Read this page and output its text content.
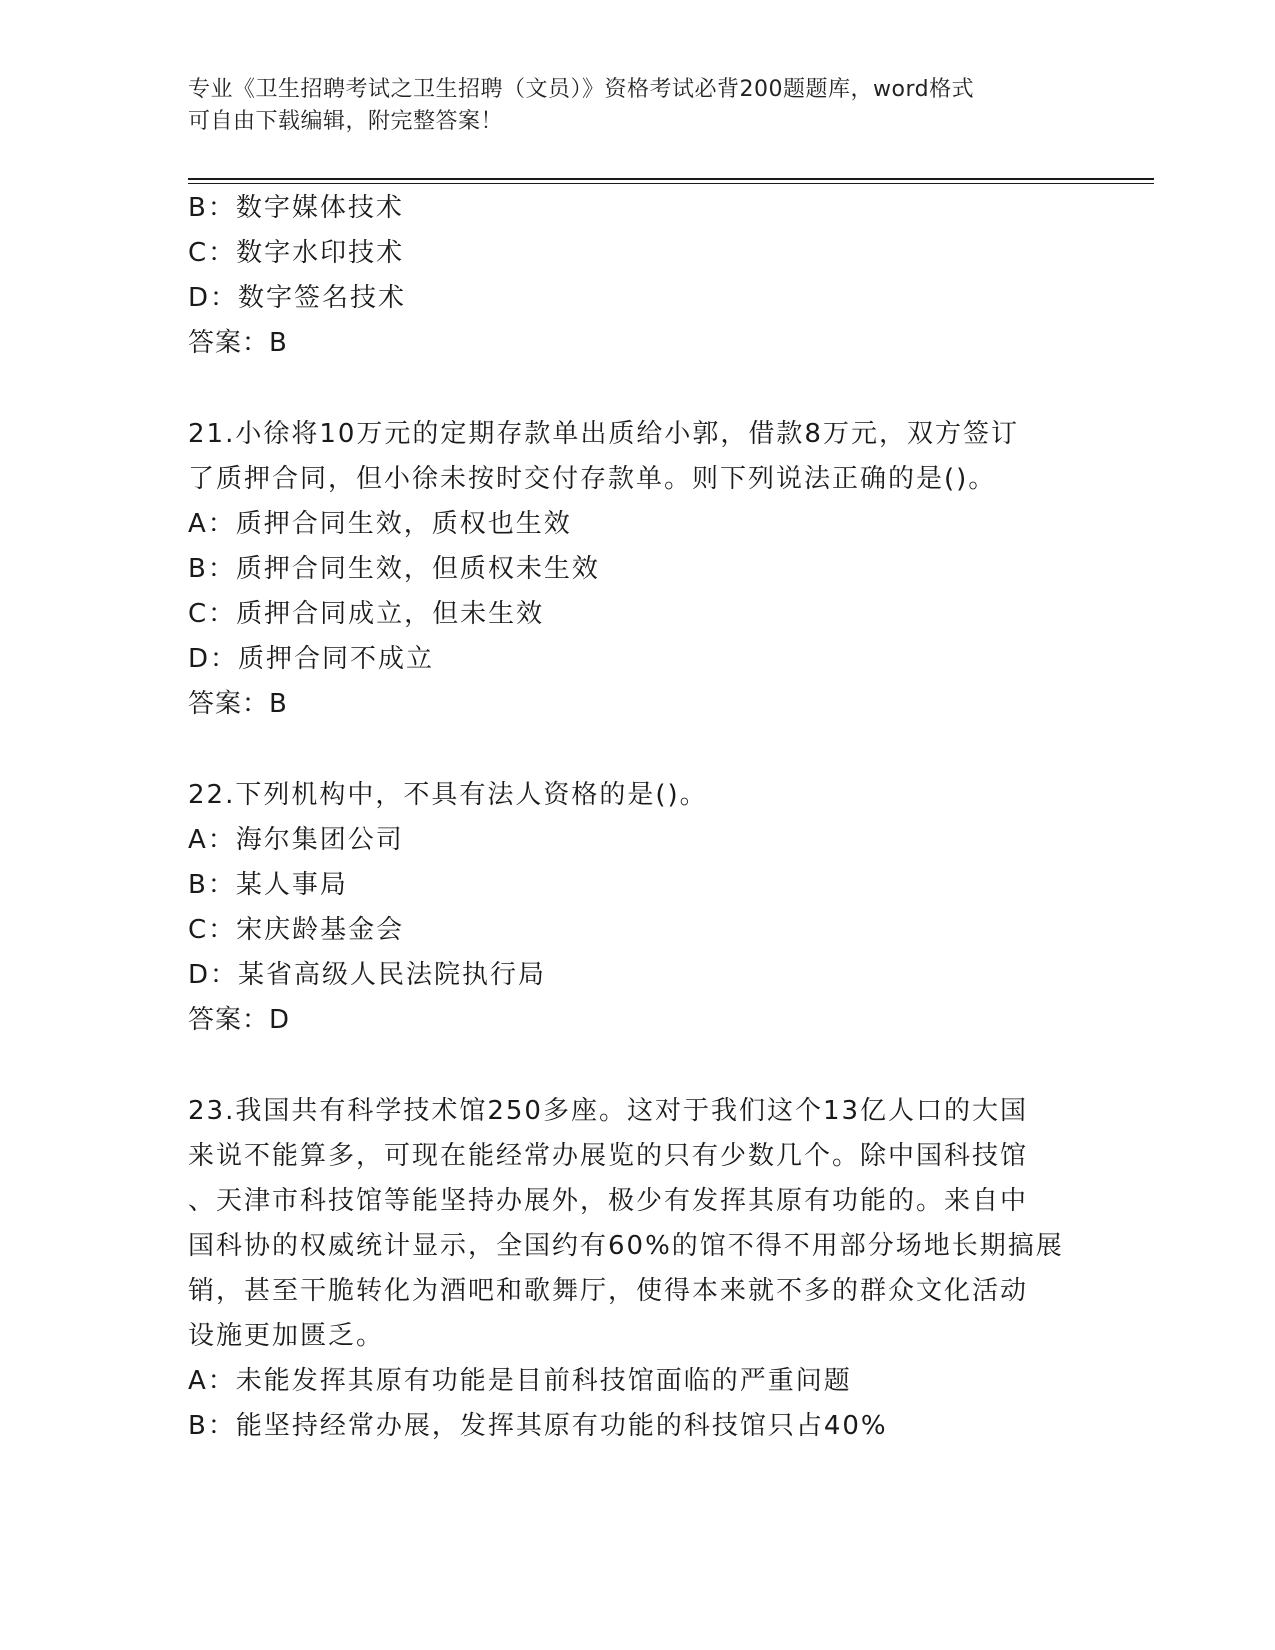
专业《卫生招聘考试之卫生招聘（文员）》资格考试必背200题题库，word格式
可自由下载编辑，附完整答案！
B：数字媒体技术
C：数字水印技术
D：数字签名技术
答案：B
21.小徐将10万元的定期存款单出质给小郭，借款8万元，双方签订
了质押合同，但小徐未按时交付存款单。则下列说法正确的是()。
A：质押合同生效，质权也生效
B：质押合同生效，但质权未生效
C：质押合同成立，但未生效
D：质押合同不成立
答案：B
22.下列机构中，不具有法人资格的是()。
A：海尔集团公司
B：某人事局
C：宋庆龄基金会
D：某省高级人民法院执行局
答案：D
23.我国共有科学技术馆250多座。这对于我们这个13亿人口的大国
来说不能算多，可现在能经常办展览的只有少数几个。除中国科技馆
、天津市科技馆等能坚持办展外，极少有发挥其原有功能的。来自中
国科协的权威统计显示，全国约有60%的馆不得不用部分场地长期搞展
销，甚至干脆转化为酒吧和歌舞厅，使得本来就不多的群众文化活动
设施更加匮乏。
A：未能发挥其原有功能是目前科技馆面临的严重问题
B：能坚持经常办展，发挥其原有功能的科技馆只占40%
